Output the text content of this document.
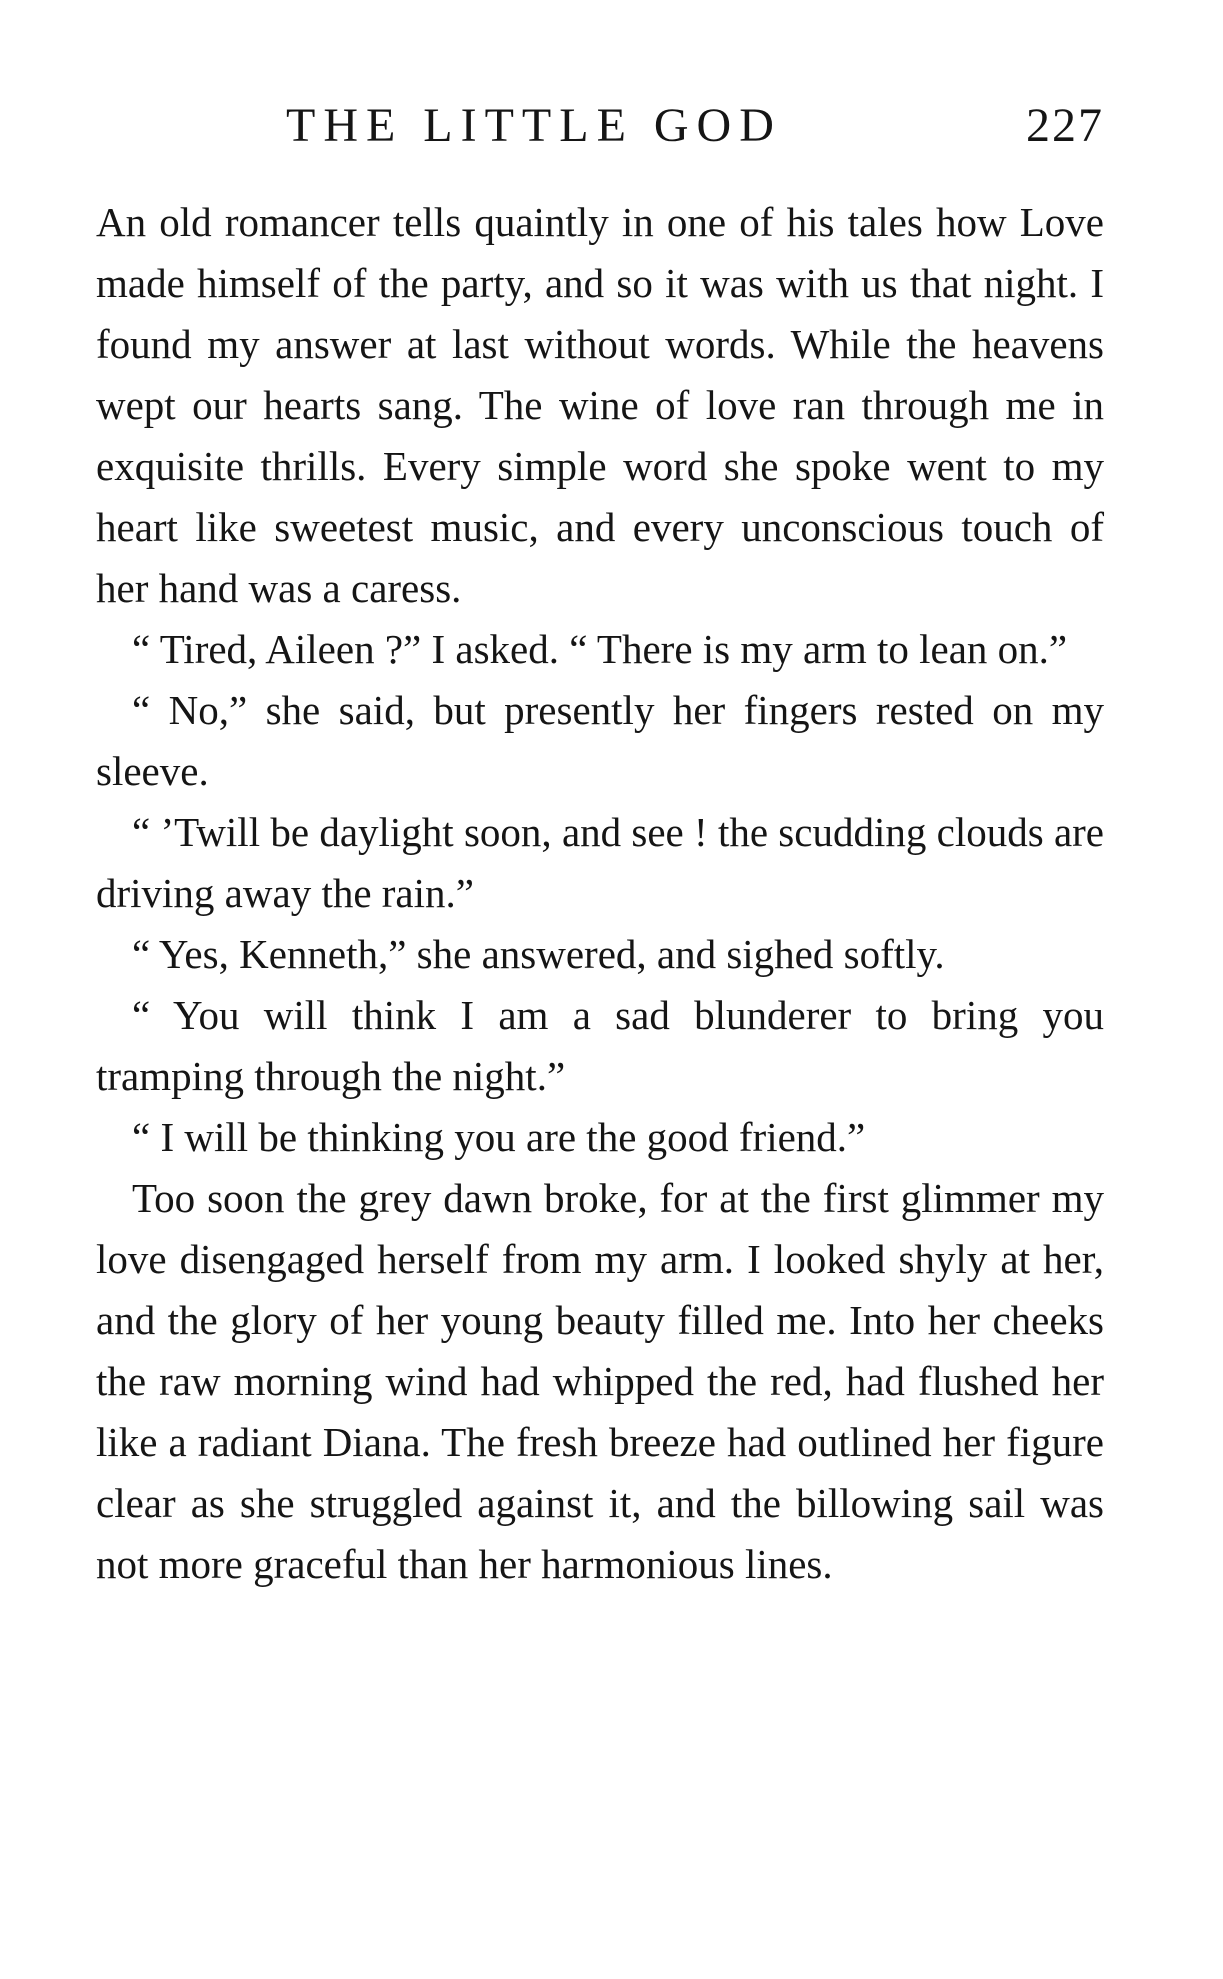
THE LITTLE GOD	227

An old romancer tells quaintly in one of his tales how Love made himself of the party, and so it was with us that night. I found my answer at last without words. While the heavens wept our hearts sang. The wine of love ran through me in exquisite thrills. Every simple word she spoke went to my heart like sweetest music, and every unconscious touch of her hand was a caress.

“ Tired, Aileen ?” I asked. “ There is my arm to lean on.”

“ No,” she said, but presently her fingers rested on my sleeve.

“ ’Twill be daylight soon, and see ! the scudding clouds are driving away the rain.”

“ Yes, Kenneth,” she answered, and sighed softly.

“ You will think I am a sad blunderer to bring you tramping through the night.”

“ I will be thinking you are the good friend.”

Too soon the grey dawn broke, for at the first glimmer my love disengaged herself from my arm. I looked shyly at her, and the glory of her young beauty filled me. Into her cheeks the raw morning wind had whipped the red, had flushed her like a radiant Diana. The fresh breeze had outlined her figure clear as she struggled against it, and the billowing sail was not more graceful than her harmonious lines.
